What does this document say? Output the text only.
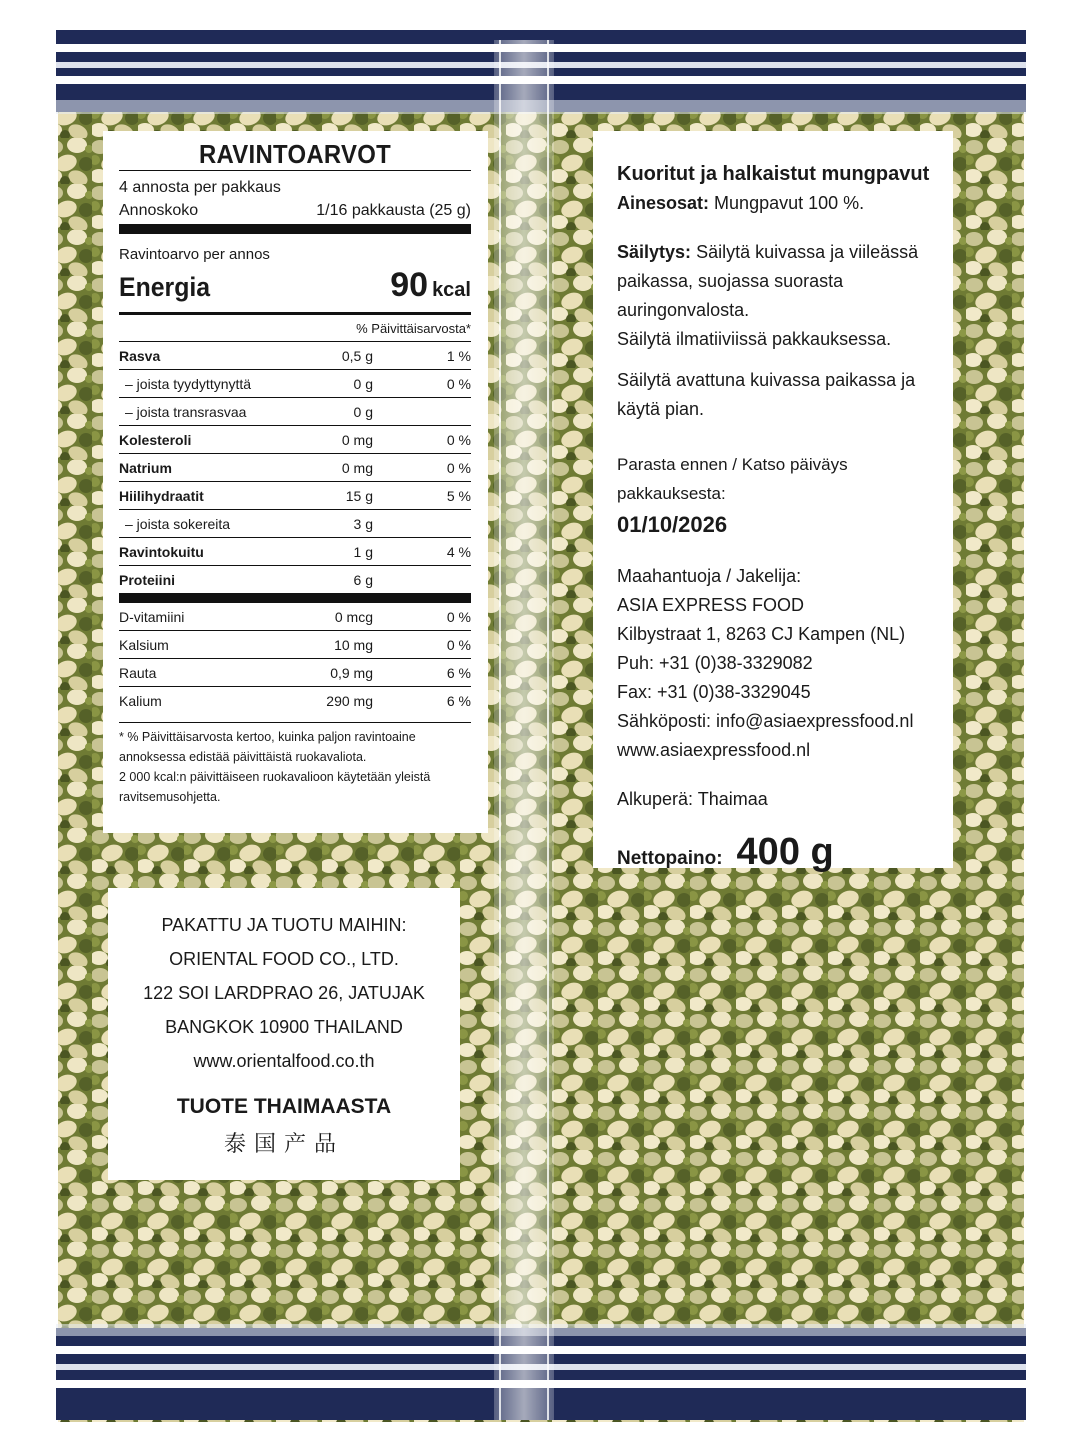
RAVINTOARVOT
4 annosta per pakkaus
Annoskoko	1/16 pakkausta (25 g)
Ravintoarvo per annos
Energia	90 kcal
% Päivittäisarvosta*
Rasva	0,5 g	1 %
– joista tyydyttynyttä	0 g	0 %
– joista transrasvaa	0 g
Kolesteroli	0 mg	0 %
Natrium	0 mg	0 %
Hiilihydraatit	15 g	5 %
– joista sokereita	3 g
Ravintokuitu	1 g	4 %
Proteiini	6 g
D-vitamiini	0 mcg	0 %
Kalsium	10 mg	0 %
Rauta	0,9 mg	6 %
Kalium	290 mg	6 %
* % Päivittäisarvosta kertoo, kuinka paljon ravintoaine annoksessa edistää päivittäistä ruokavaliota.
2 000 kcal:n päivittäiseen ruokavalioon käytetään yleistä ravitsemusohjetta.

Kuoritut ja halkaistut mungpavut

Ainesosat: Mungpavut 100 %.

Säilytys: Säilytä kuivassa ja viileässä paikassa, suojassa suorasta auringonvalosta.

Säilytä ilmatiiviissä pakkauksessa.

Säilytä avattuna kuivassa paikassa ja käytä pian.

Parasta ennen / Katso päiväys pakkauksesta:

01/10/2026

Maahantuoja / Jakelija:

ASIA EXPRESS FOOD

Kilbystraat 1, 8263 CJ Kampen (NL)

Puh: +31 (0)38-3329082

Fax: +31 (0)38-3329045

Sähköposti: info@asiaexpressfood.nl

www.asiaexpressfood.nl

Alkuperä: Thaimaa

Nettopaino: 400 g

PAKATTU JA TUOTU MAIHIN:

ORIENTAL FOOD CO., LTD.

122 SOI LARDPRAO 26, JATUJAK

BANGKOK 10900 THAILAND

www.orientalfood.co.th

TUOTE THAIMAASTA

泰国产品
